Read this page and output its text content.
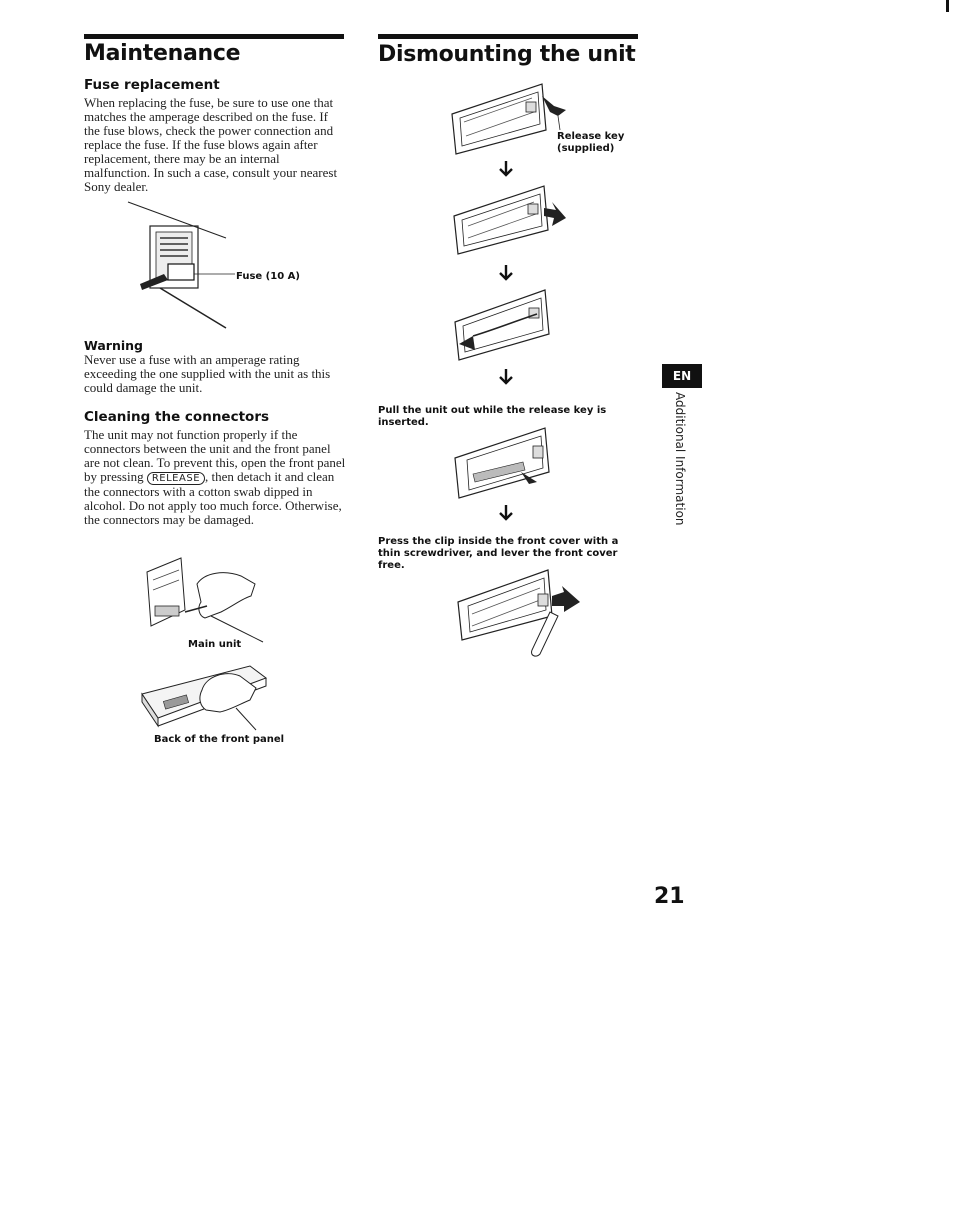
Maintenance
Fuse replacement

When replacing the fuse, be sure to use one that matches the amperage described on the fuse. If the fuse blows, check the power connection and replace the fuse. If the fuse blows again after replacement, there may be an internal malfunction. In such a case, consult your nearest Sony dealer.

Fuse (10 A)
Warning

Never use a fuse with an amperage rating exceeding the one supplied with the unit as this could damage the unit.

Cleaning the connectors

The unit may not function properly if the connectors between the unit and the front panel are not clean. To prevent this, open the front panel by pressing RELEASE , then detach it and clean the connectors with a cotton swab dipped in alcohol. Do not apply too much force. Otherwise, the connectors may be damaged.

Main unit
Back of the front panel
Dismounting the unit
Release key (supplied)
Pull the unit out while the release key is inserted.
Press the clip inside the front cover with a thin screwdriver, and lever the front cover free.
EN
Additional Information
21
